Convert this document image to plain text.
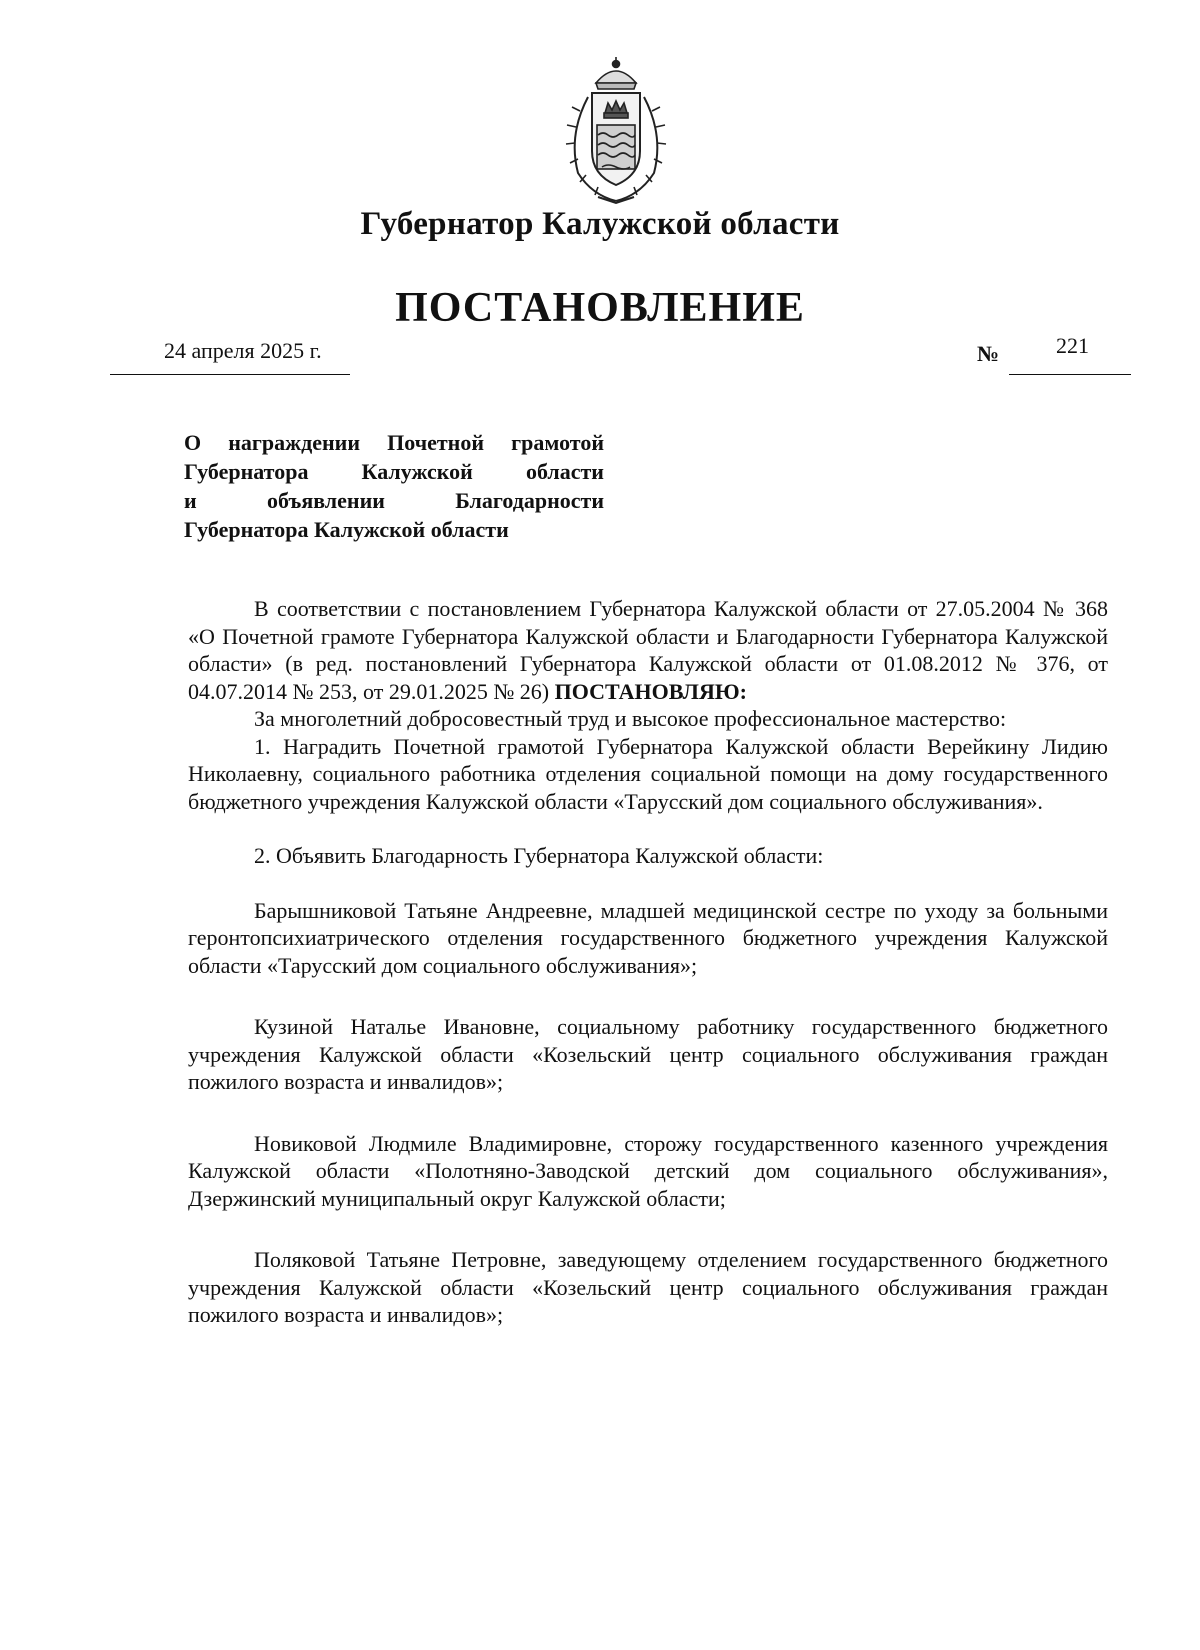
Губернатор Калужской области
ПОСТАНОВЛЕНИЕ
24 апреля 2025 г.	№	221
О награждении Почетной грамотой
Губернатора Калужской области
и объявлении Благодарности
Губернатора Калужской области

В соответствии с постановлением Губернатора Калужской области от 27.05.2004 № 368 «О Почетной грамоте Губернатора Калужской области и Благодарности Губернатора Калужской области» (в ред. постановлений Губернатора Калужской области от 01.08.2012 № 376, от 04.07.2014 № 253, от 29.01.2025 № 26) ПОСТАНОВЛЯЮ:

За многолетний добросовестный труд и высокое профессиональное мастерство:

1. Наградить Почетной грамотой Губернатора Калужской области Верейкину Лидию Николаевну, социального работника отделения социальной помощи на дому государственного бюджетного учреждения Калужской области «Тарусский дом социального обслуживания».

2. Объявить Благодарность Губернатора Калужской области:

Барышниковой Татьяне Андреевне, младшей медицинской сестре по уходу за больными геронтопсихиатрического отделения государственного бюджетного учреждения Калужской области «Тарусский дом социального обслуживания»;

Кузиной Наталье Ивановне, социальному работнику государственного бюджетного учреждения Калужской области «Козельский центр социального обслуживания граждан пожилого возраста и инвалидов»;

Новиковой Людмиле Владимировне, сторожу государственного казенного учреждения Калужской области «Полотняно-Заводской детский дом социального обслуживания», Дзержинский муниципальный округ Калужской области;

Поляковой Татьяне Петровне, заведующему отделением государственного бюджетного учреждения Калужской области «Козельский центр социального обслуживания граждан пожилого возраста и инвалидов»;
